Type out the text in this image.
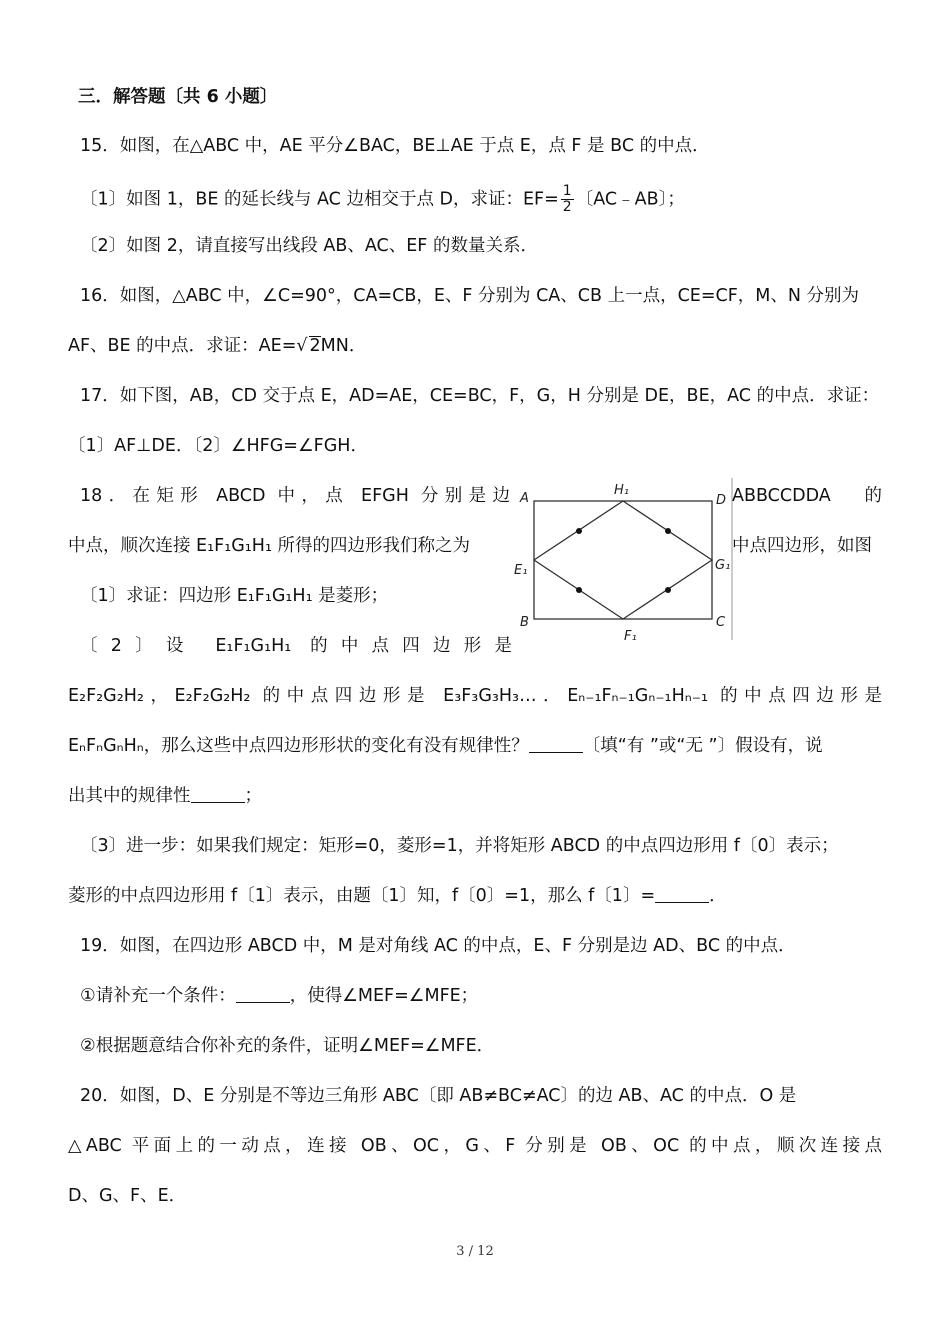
三．解答题〔共 6 小题〕
15．如图，在△ABC 中，AE 平分∠BAC，BE⊥AE 于点 E，点 F 是 BC 的中点．
〔1〕如图 1，BE 的延长线与 AC 边相交于点 D，求证：$EF= \frac{1}{2}$ 〔AC﹣AB〕；
〔2〕如图 2，请直接写出线段 AB、AC、EF 的数量关系．
16．如图，△ABC 中，∠C=90°，CA=CB，E、F 分别为 CA、CB 上一点，CE=CF，M、N 分别为
AF、BE 的中点．求证：AE=√ 2MN．
17．如下图，AB，CD 交于点 E，AD=AE，CE=BC，F，G，H 分别是 DE，BE，AC 的中点．求证：
〔1〕AF⊥DE．〔2〕∠HFG=∠FGH．
18．在矩形 ABCD 中，点 EFGH 分别是边	ABBCCDDA 的
中点，顺次连接 E₁F₁G₁H₁ 所得的四边形我们称之为	中点四边形，如图
〔1〕求证：四边形 E₁F₁G₁H₁ 是菱形；
〔2〕设 E₁F₁G₁H₁ 的中点四边形是
E₂F₂G₂H₂，E₂F₂G₂H₂ 的中点四边形是 E₃F₃G₃H₃…．Eₙ₋₁Fₙ₋₁Gₙ₋₁Hₙ₋₁ 的中点四边形是
EₙFₙGₙHₙ，那么这些中点四边形形状的变化有没有规律性？	〔填“有 ”或“无 ”〕假设有，说
出其中的规律性	；
〔3〕进一步：如果我们规定：矩形=0，菱形=1，并将矩形 ABCD 的中点四边形用 f〔0〕表示；
菱形的中点四边形用 f〔1〕表示，由题〔1〕知，f〔0〕=1，那么 f〔1〕=	．
A
B	C
D
E₁
F₁
G₁
H₁
19．如图，在四边形 ABCD 中，M 是对角线 AC 的中点，E、F 分别是边 AD、BC 的中点．
①请补充一个条件：	，使得∠MEF=∠MFE；
②根据题意结合你补充的条件，证明∠MEF=∠MFE．
20．如图，D、E 分别是不等边三角形 ABC〔即 AB≠BC≠AC〕的边 AB、AC 的中点．O 是
△ABC 平面上的一动点，连接 OB、OC，G、F 分别是 OB、OC 的中点，顺次连接点
D、G、F、E．
3 / 12
